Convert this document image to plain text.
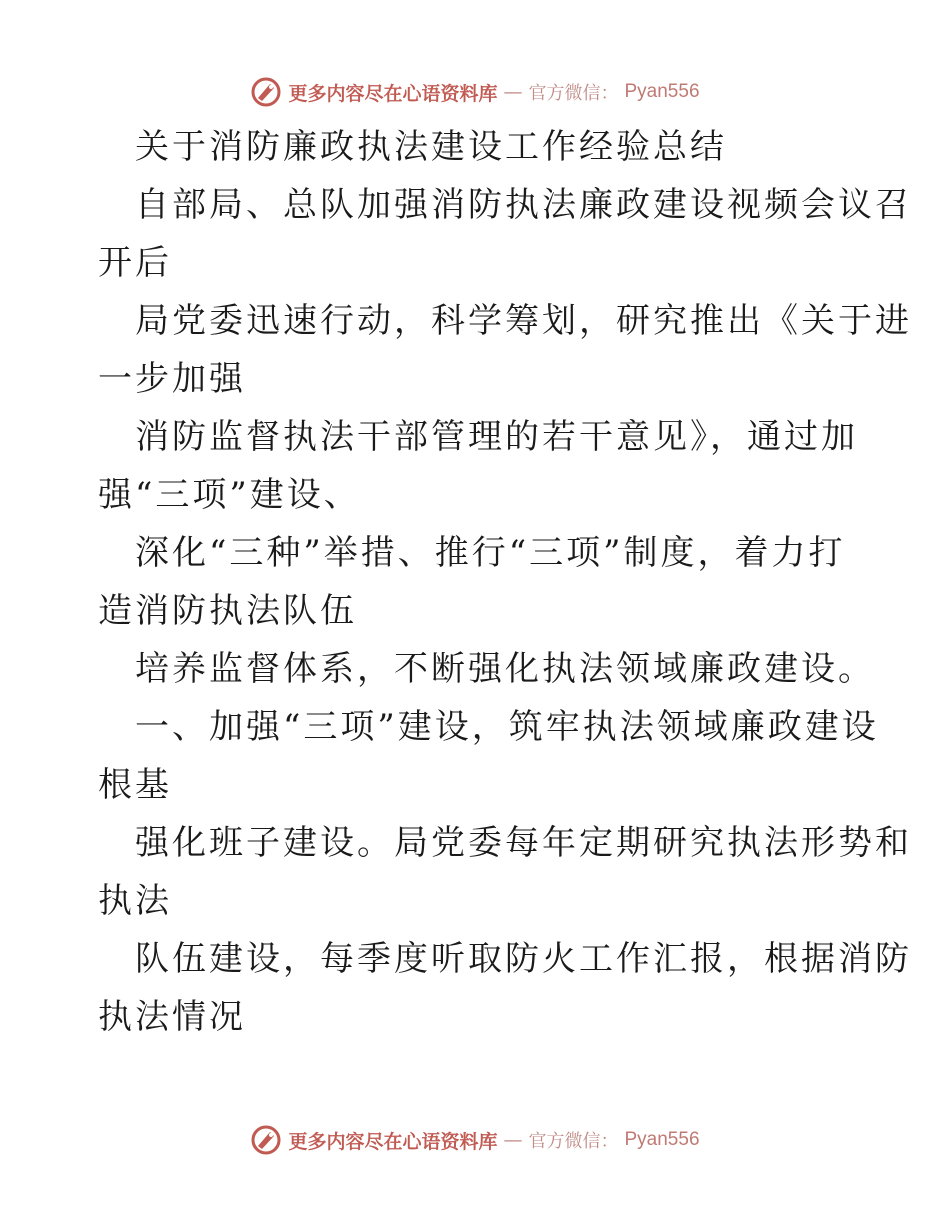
更多内容尽在心语资料库 — 官方微信： Pyan556
关于消防廉政执法建设工作经验总结
自部局、总队加强消防执法廉政建设视频会议召
开后
局党委迅速行动，科学筹划，研究推出《关于进
一步加强
消防监督执法干部管理的若干意见》，通过加
强“三项”建设、
深化“三种”举措、推行“三项”制度，着力打
造消防执法队伍
培养监督体系，不断强化执法领域廉政建设。
一、加强“三项”建设，筑牢执法领域廉政建设
根基
强化班子建设。局党委每年定期研究执法形势和
执法
队伍建设，每季度听取防火工作汇报，根据消防
执法情况
更多内容尽在心语资料库 — 官方微信： Pyan556
